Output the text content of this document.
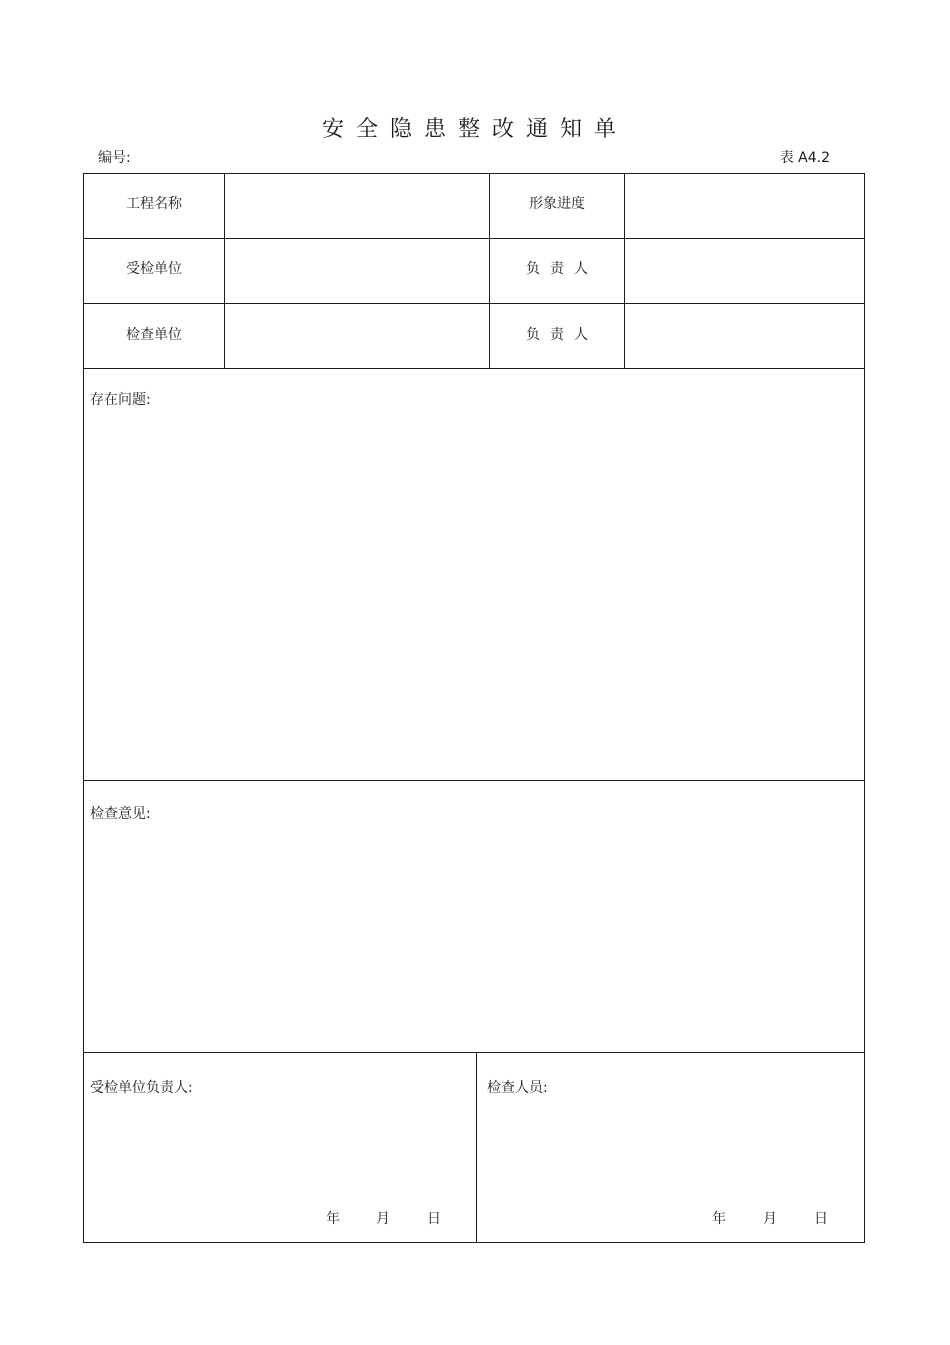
安全隐患整改通知单
编号:	表 A4.2
工程名称	形象进度
受检单位	负责人
检查单位	负责人
存在问题:
检查意见:
受检单位负责人:	检查人员:
年	月	日	年	月	日
